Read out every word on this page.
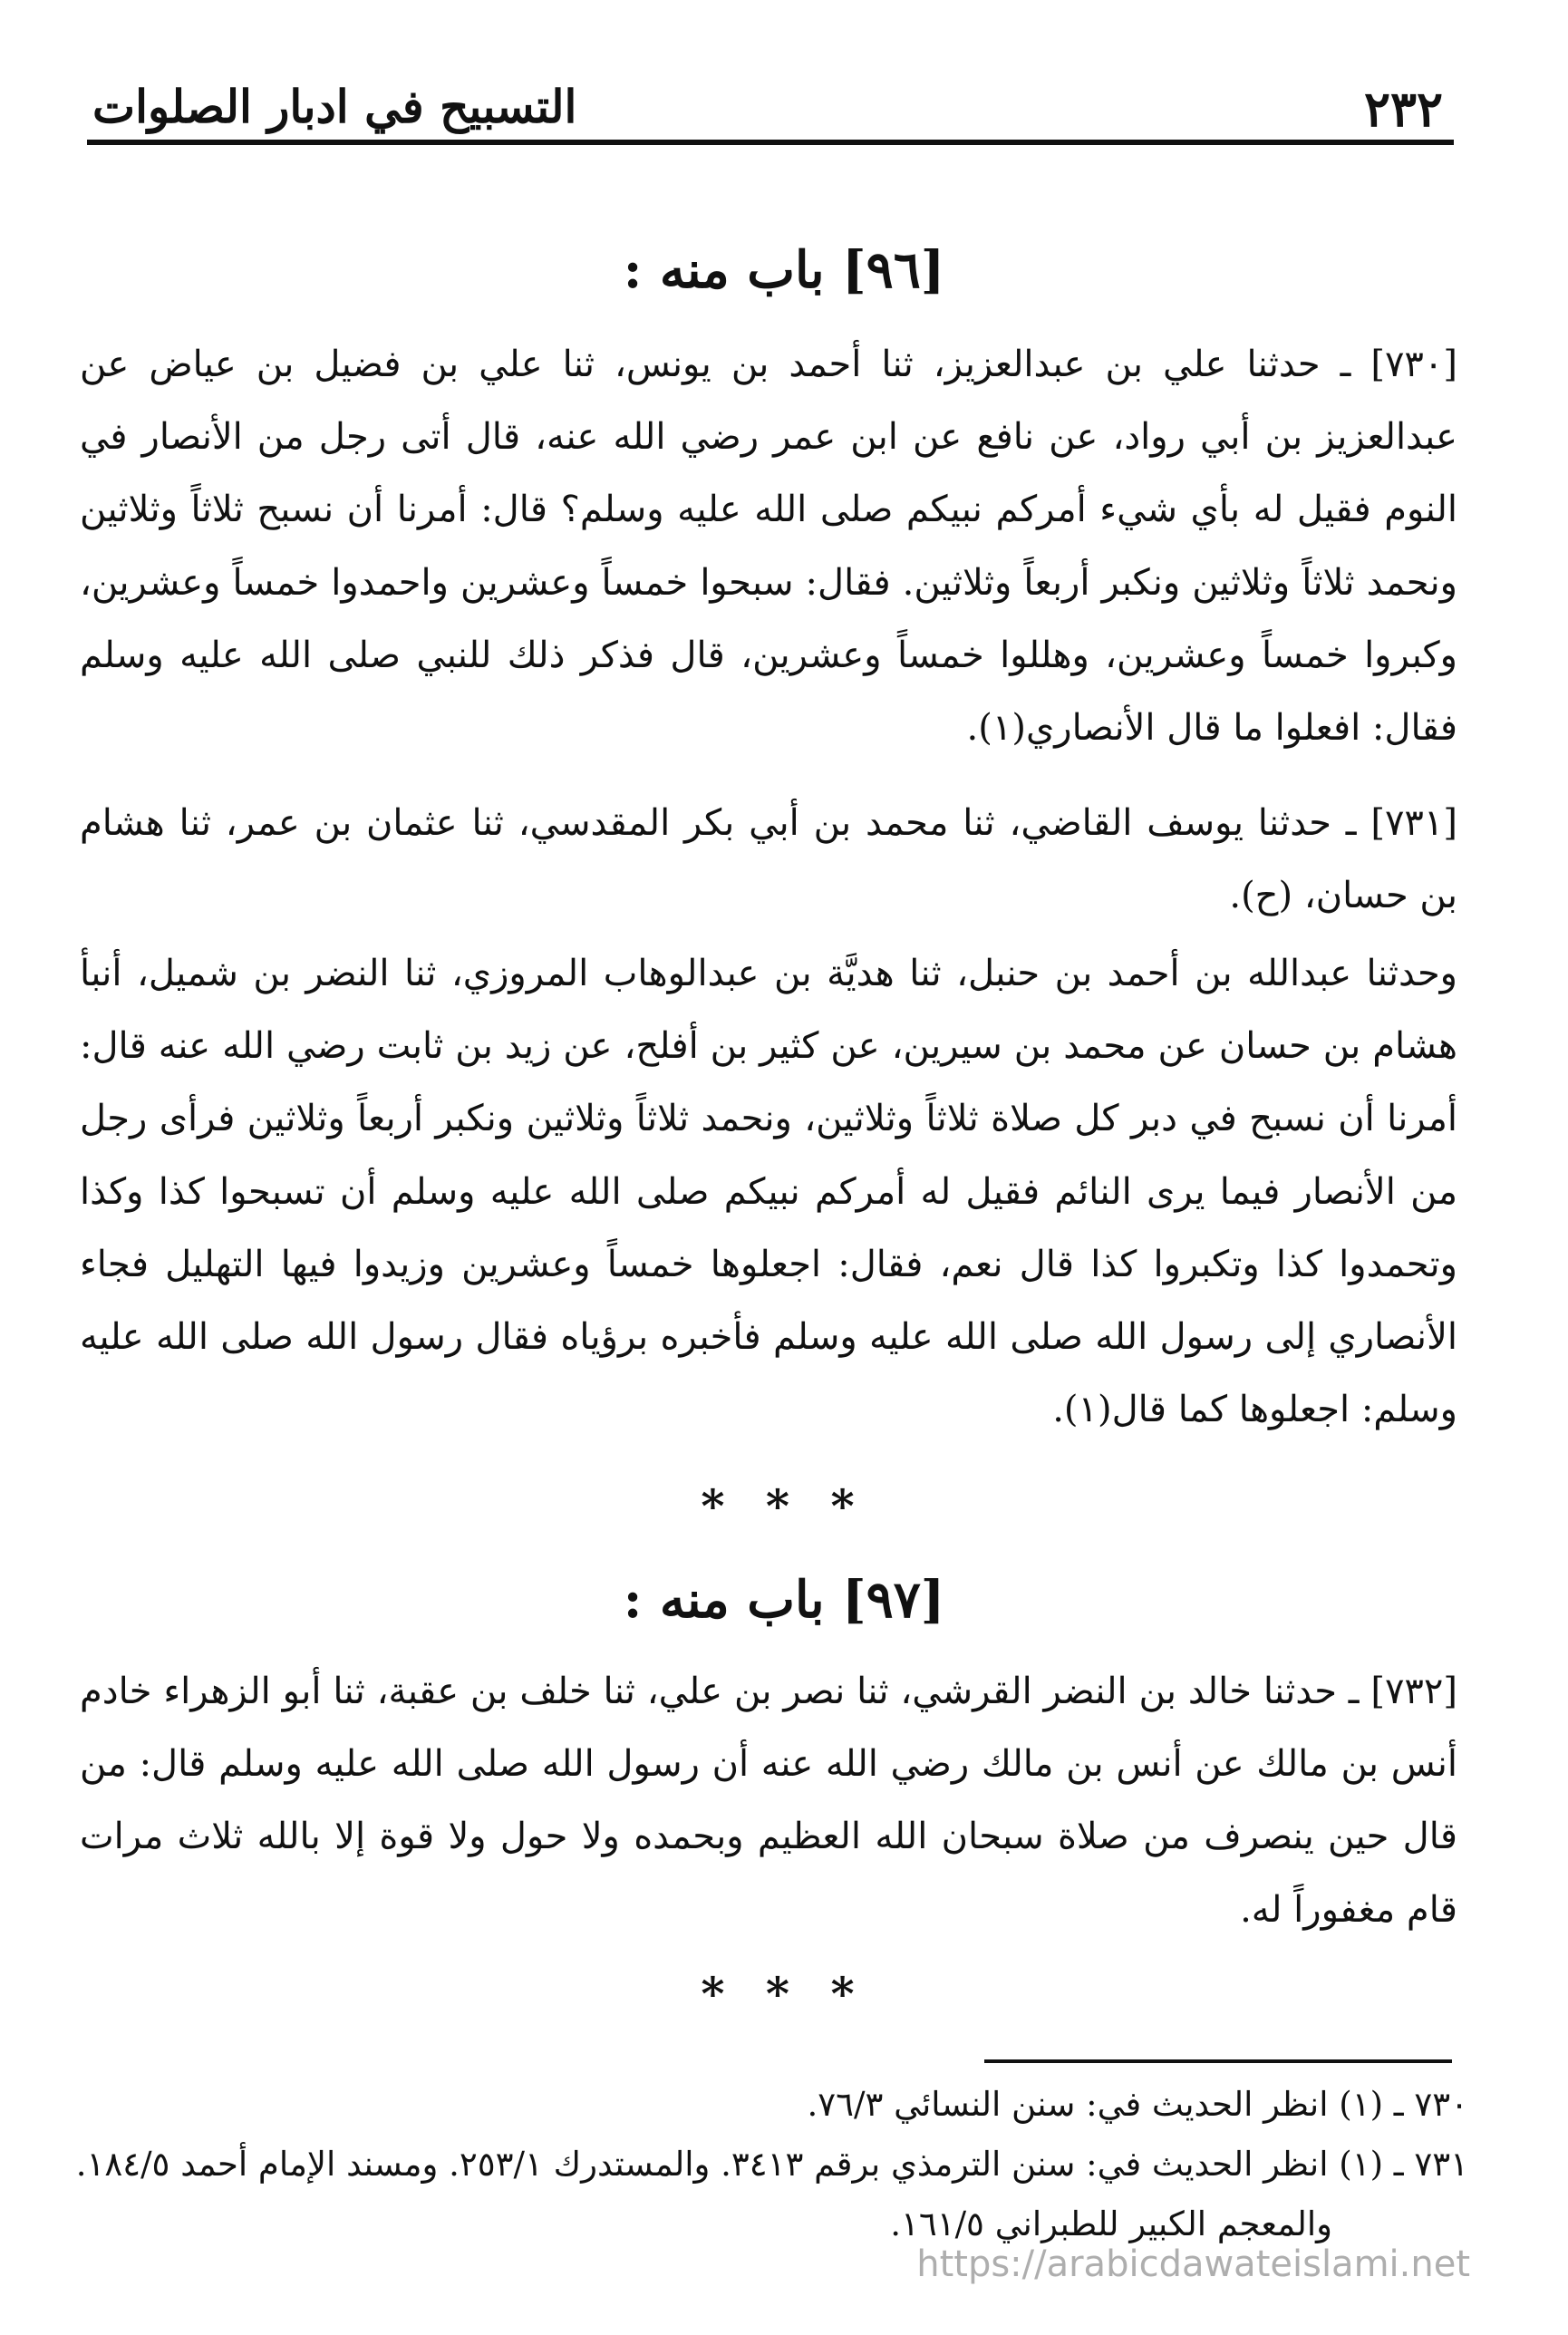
٢٣٢
التسبيح في ادبار الصلوات
[٩٦] باب منه :

[٧٣٠] ـ حدثنا علي بن عبدالعزيز، ثنا أحمد بن يونس، ثنا علي بن فضيل بن عياض عن عبدالعزيز بن أبي رواد، عن نافع عن ابن عمر رضي الله عنه، قال أتى رجل من الأنصار في النوم فقيل له بأي شيء أمركم نبيكم صلى الله عليه وسلم؟ قال: أمرنا أن نسبح ثلاثاً وثلاثين ونحمد ثلاثاً وثلاثين ونكبر أربعاً وثلاثين. فقال: سبحوا خمساً وعشرين واحمدوا خمساً وعشرين، وكبروا خمساً وعشرين، وهللوا خمساً وعشرين، قال فذكر ذلك للنبي صلى الله عليه وسلم فقال: افعلوا ما قال الأنصاري(١).

[٧٣١] ـ حدثنا يوسف القاضي، ثنا محمد بن أبي بكر المقدسي، ثنا عثمان بن عمر، ثنا هشام بن حسان، (ح).

وحدثنا عبدالله بن أحمد بن حنبل، ثنا هديَّة بن عبدالوهاب المروزي، ثنا النضر بن شميل، أنبأ هشام بن حسان عن محمد بن سيرين، عن كثير بن أفلح، عن زيد بن ثابت رضي الله عنه قال: أمرنا أن نسبح في دبر كل صلاة ثلاثاً وثلاثين، ونحمد ثلاثاً وثلاثين ونكبر أربعاً وثلاثين فرأى رجل من الأنصار فيما يرى النائم فقيل له أمركم نبيكم صلى الله عليه وسلم أن تسبحوا كذا وكذا وتحمدوا كذا وتكبروا كذا قال نعم، فقال: اجعلوها خمساً وعشرين وزيدوا فيها التهليل فجاء الأنصاري إلى رسول الله صلى الله عليه وسلم فأخبره برؤياه فقال رسول الله صلى الله عليه وسلم: اجعلوها كما قال(١).

* * *
[٩٧] باب منه :

[٧٣٢] ـ حدثنا خالد بن النضر القرشي، ثنا نصر بن علي، ثنا خلف بن عقبة، ثنا أبو الزهراء خادم أنس بن مالك عن أنس بن مالك رضي الله عنه أن رسول الله صلى الله عليه وسلم قال: من قال حين ينصرف من صلاة سبحان الله العظيم وبحمده ولا حول ولا قوة إلا بالله ثلاث مرات قام مغفوراً له.

* * *

٧٣٠ ـ (١) انظر الحديث في: سنن النسائي ٧٦/٣.

٧٣١ ـ (١) انظر الحديث في: سنن الترمذي برقم ٣٤١٣. والمستدرك ٢٥٣/١. ومسند الإمام أحمد ١٨٤/٥.

والمعجم الكبير للطبراني ١٦١/٥.

https://arabicdawateislami.net
